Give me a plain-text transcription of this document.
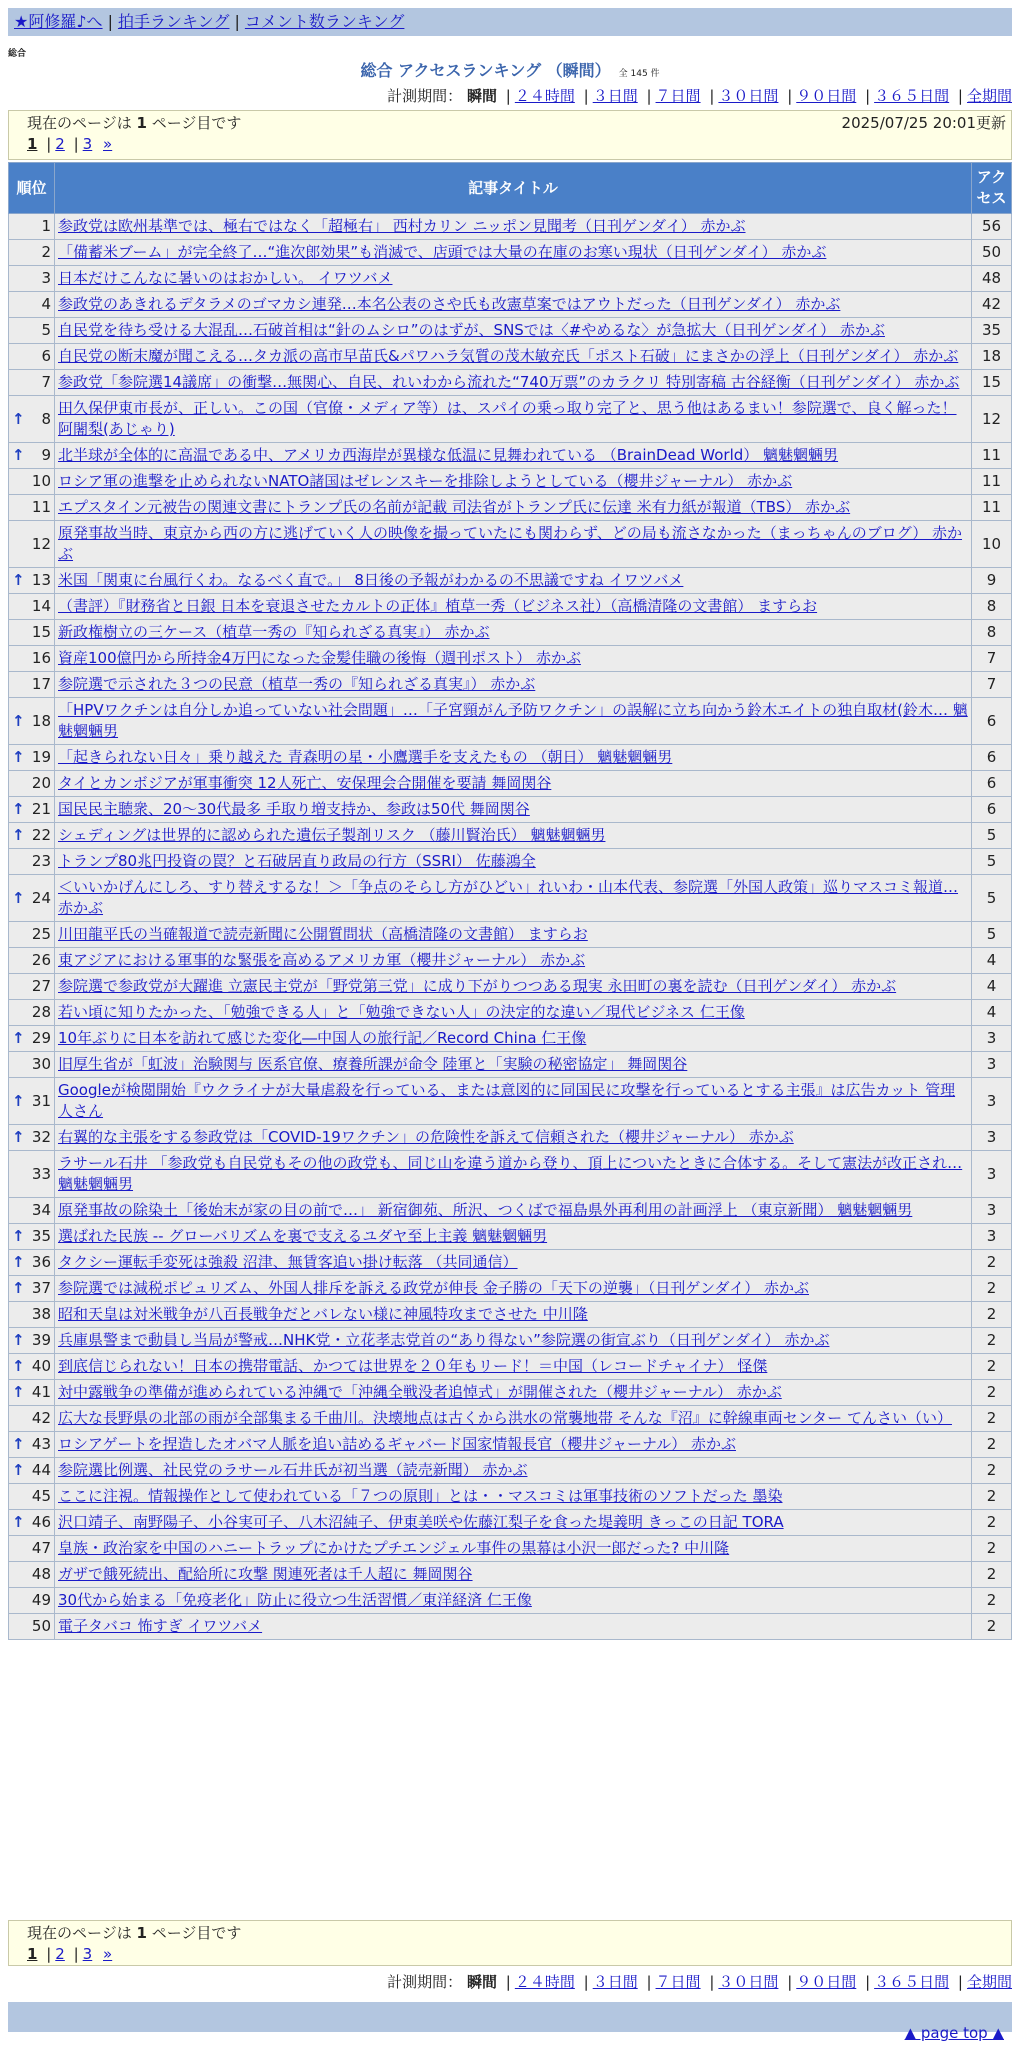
★阿修羅♪へ | 拍手ランキング | コメント数ランキング
総合
総合 アクセスランキング （瞬間） 全 145 件
計測期間： 瞬間 | ２４時間 | ３日間 | ７日間 | ３０日間 | ９０日間 | ３６５日間 | 全期間
現在のページは 1 ページ目です	2025/07/25 20:01更新
1 | 2 | 3 »
順位	記事タイトル	アクセス
1	参政党は欧州基準では、極右ではなく「超極右」 西村カリン ニッポン見聞考（日刊ゲンダイ） 赤かぶ	56
2	「備蓄米ブーム」が完全終了…“進次郎効果”も消滅で、店頭では大量の在庫のお寒い現状（日刊ゲンダイ） 赤かぶ	50
3	日本だけこんなに暑いのはおかしい。 イワツバメ	48
4	参政党のあきれるデタラメのゴマカシ連発…本名公表のさや氏も改憲草案ではアウトだった（日刊ゲンダイ） 赤かぶ	42
5	自民党を待ち受ける大混乱…石破首相は“針のムシロ”のはずが、SNSでは〈#やめるな〉が急拡大（日刊ゲンダイ） 赤かぶ	35
6	自民党の断末魔が聞こえる…タカ派の高市早苗氏&パワハラ気質の茂木敏充氏「ポスト石破」にまさかの浮上（日刊ゲンダイ） 赤かぶ	18
7	参政党「参院選14議席」の衝撃…無関心、自民、れいわから流れた“740万票”のカラクリ 特別寄稿 古谷経衡（日刊ゲンダイ） 赤かぶ	15

↑ 8	田久保伊東市長が、正しい。この国（官僚・メディア等）は、スパイの乗っ取り完了と、思う他はあるまい！参院選で、良く解った！ 阿闍梨(あじゃり)	12

↑ 9	北半球が全体的に高温である中、アメリカ西海岸が異様な低温に見舞われている （BrainDead World） 魑魅魍魎男	11
10	ロシア軍の進撃を止められないNATO諸国はゼレンスキーを排除しようとしている（櫻井ジャーナル） 赤かぶ	11
11	エプスタイン元被告の関連文書にトランプ氏の名前が記載 司法省がトランプ氏に伝達 米有力紙が報道（TBS） 赤かぶ	11
12	原発事故当時、東京から西の方に逃げていく人の映像を撮っていたにも関わらず、どの局も流さなかった（まっちゃんのブログ） 赤かぶ	10

↑ 13	米国「関東に台風行くわ。なるべく直で。」 8日後の予報がわかるの不思議ですね イワツバメ	9
14	（書評）『財務省と日銀 日本を衰退させたカルトの正体』植草一秀（ビジネス社）（高橋清隆の文書館） ますらお	8
15	新政権樹立の三ケース（植草一秀の『知られざる真実』） 赤かぶ	8
16	資産100億円から所持金4万円になった金髪佳職の後悔（週刊ポスト） 赤かぶ	7
17	参院選で示された３つの民意（植草一秀の『知られざる真実』） 赤かぶ	7

↑ 18	「HPVワクチンは自分しか追っていない社会問題」…「子宮頸がん予防ワクチン」の誤解に立ち向かう鈴木エイトの独自取材(鈴木… 魑魅魍魎男	6

↑ 19	「起きられない日々」乗り越えた 青森明の星・小鷹選手を支えたもの （朝日） 魑魅魍魎男	6
20	タイとカンボジアが軍事衝突 12人死亡、安保理会合開催を要請 舞岡関谷	6

↑ 21	国民民主聴衆、20～30代最多 手取り増支持か、参政は50代 舞岡関谷	6

↑ 22	シェディングは世界的に認められた遺伝子製剤リスク （藤川賢治氏） 魑魅魍魎男	5
23	トランプ80兆円投資の罠？と石破居直り政局の行方（SSRI） 佐藤鴻全	5

↑ 24	＜いいかげんにしろ、すり替えするな！＞「争点のそらし方がひどい」れいわ・山本代表、参院選「外国人政策」巡りマスコミ報道… 赤かぶ	5
25	川田龍平氏の当確報道で読売新聞に公開質問状（高橋清隆の文書館） ますらお	5
26	東アジアにおける軍事的な緊張を高めるアメリカ軍（櫻井ジャーナル） 赤かぶ	4
27	参院選で参政党が大躍進 立憲民主党が「野党第三党」に成り下がりつつある現実 永田町の裏を読む（日刊ゲンダイ） 赤かぶ	4
28	若い頃に知りたかった、「勉強できる人」と「勉強できない人」の決定的な違い／現代ビジネス 仁王像	4

↑ 29	10年ぶりに日本を訪れて感じた変化―中国人の旅行記／Record China 仁王像	3
30	旧厚生省が「虹波」治験関与 医系官僚、療養所課が命令 陸軍と「実験の秘密協定」 舞岡関谷	3

↑ 31	Googleが検閲開始『ウクライナが大量虐殺を行っている、または意図的に同国民に攻撃を行っているとする主張』は広告カット 管理人さん	3

↑ 32	右翼的な主張をする参政党は「COVID-19ワクチン」の危険性を訴えて信頼された（櫻井ジャーナル） 赤かぶ	3
33	ラサール石井 「参政党も自民党もその他の政党も、同じ山を違う道から登り、頂上についたときに合体する。そして憲法が改正され… 魑魅魍魎男	3
34	原発事故の除染土「後始末が家の目の前で…」 新宿御苑、所沢、つくばで福島県外再利用の計画浮上 （東京新聞） 魑魅魍魎男	3

↑ 35	選ばれた民族 -- グローバリズムを裏で支えるユダヤ至上主義 魑魅魍魎男	3

↑ 36	タクシー運転手変死は強殺 沼津、無賃客追い掛け転落 （共同通信）	2

↑ 37	参院選では減税ポピュリズム、外国人排斥を訴える政党が伸長 金子勝の「天下の逆襲」（日刊ゲンダイ） 赤かぶ	2
38	昭和天皇は対米戦争が八百長戦争だとバレない様に神風特攻までさせた 中川隆	2

↑ 39	兵庫県警まで動員し当局が警戒…NHK党・立花孝志党首の“あり得ない”参院選の街宣ぶり（日刊ゲンダイ） 赤かぶ	2

↑ 40	到底信じられない！日本の携帯電話、かつては世界を２０年もリード！＝中国（レコードチャイナ） 怪傑	2

↑ 41	対中露戦争の準備が進められている沖縄で「沖縄全戦没者追悼式」が開催された（櫻井ジャーナル） 赤かぶ	2
42	広大な長野県の北部の雨が全部集まる千曲川。決壊地点は古くから洪水の常襲地帯 そんな『沼』に幹線車両センター てんさい（い）	2

↑ 43	ロシアゲートを捏造したオバマ人脈を追い詰めるギャバード国家情報長官（櫻井ジャーナル） 赤かぶ	2

↑ 44	参院選比例選、社民党のラサール石井氏が初当選（読売新聞） 赤かぶ	2
45	ここに注視。情報操作として使われている「７つの原則」とは・・マスコミは軍事技術のソフトだった 墨染	2

↑ 46	沢口靖子、南野陽子、小谷実可子、八木沼純子、伊東美咲や佐藤江梨子を食った堤義明 きっこの日記 TORA	2
47	皇族・政治家を中国のハニートラップにかけたプチエンジェル事件の黒幕は小沢一郎だった? 中川隆	2
48	ガザで餓死続出、配給所に攻撃 関連死者は千人超に 舞岡関谷	2
49	30代から始まる「免疫老化」防止に役立つ生活習慣／東洋経済 仁王像	2
50	電子タバコ 怖すぎ イワツバメ	2
現在のページは 1 ページ目です
1 | 2 | 3 »
計測期間： 瞬間 | ２４時間 | ３日間 | ７日間 | ３０日間 | ９０日間 | ３６５日間 | 全期間
▲ page top ▲
